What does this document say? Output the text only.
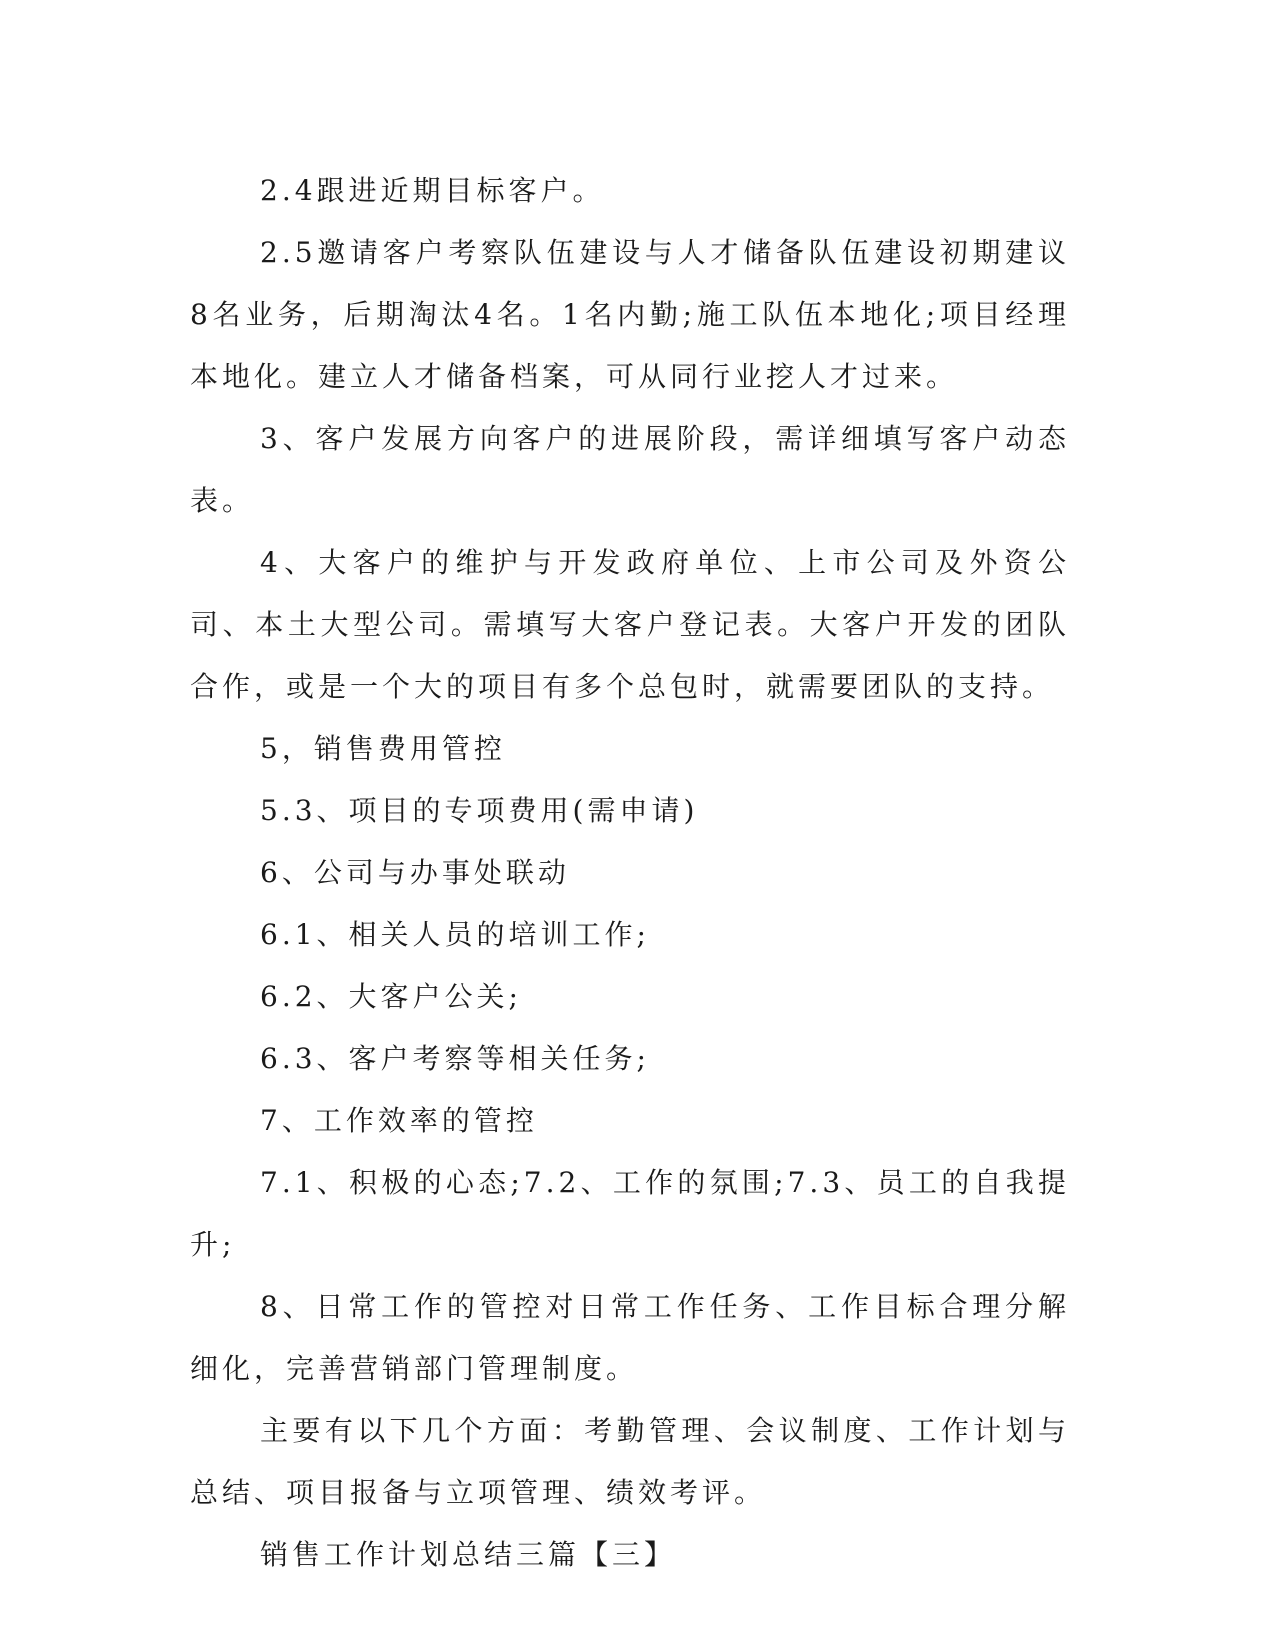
2.4跟进近期目标客户。

2.5邀请客户考察队伍建设与人才储备队伍建设初期建议8名业务，后期淘汰4名。1名内勤;施工队伍本地化;项目经理本地化。建立人才储备档案，可从同行业挖人才过来。

3、客户发展方向客户的进展阶段，需详细填写客户动态表。

4、大客户的维护与开发政府单位、上市公司及外资公司、本土大型公司。需填写大客户登记表。大客户开发的团队合作，或是一个大的项目有多个总包时，就需要团队的支持。

5，销售费用管控

5.3、项目的专项费用(需申请)

6、公司与办事处联动

6.1、相关人员的培训工作;

6.2、大客户公关;

6.3、客户考察等相关任务;

7、工作效率的管控

7.1、积极的心态;7.2、工作的氛围;7.3、员工的自我提升;

8、日常工作的管控对日常工作任务、工作目标合理分解细化，完善营销部门管理制度。

主要有以下几个方面：考勤管理、会议制度、工作计划与总结、项目报备与立项管理、绩效考评。

销售工作计划总结三篇【三】
